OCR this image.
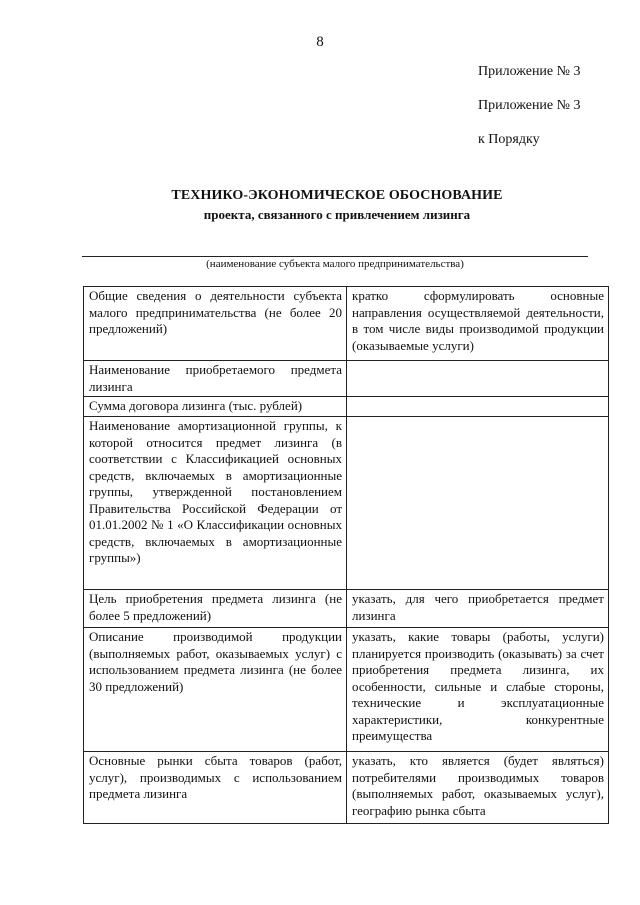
8
Приложение № 3
Приложение № 3
к Порядку
ТЕХНИКО-ЭКОНОМИЧЕСКОЕ ОБОСНОВАНИЕ
проекта, связанного с привлечением лизинга
(наименование субъекта малого предпринимательства)
Общие сведения о деятельности субъекта малого предпринимательства (не более 20 предложений)	кратко сформулировать основные направления осуществляемой деятельности, в том числе виды производимой продукции (оказываемые услуги)
Наименование приобретаемого предмета лизинга	
Сумма договора лизинга (тыс. рублей)	
Наименование амортизационной группы, к которой относится предмет лизинга (в соответствии с Классификацией основных средств, включаемых в амортизационные группы, утвержденной постановлением Правительства Российской Федерации от 01.01.2002 № 1 «О Классификации основных средств, включаемых в амортизационные группы»)	
Цель приобретения предмета лизинга (не более 5 предложений)	указать, для чего приобретается предмет лизинга
Описание производимой продукции (выполняемых работ, оказываемых услуг) с использованием предмета лизинга (не более 30 предложений)	указать, какие товары (работы, услуги) планируется производить (оказывать) за счет приобретения предмета лизинга, их особенности, сильные и слабые стороны, технические и эксплуатационные характеристики, конкурентные преимущества
Основные рынки сбыта товаров (работ, услуг), производимых с использованием предмета лизинга	указать, кто является (будет являться) потребителями производимых товаров (выполняемых работ, оказываемых услуг), географию рынка сбыта
